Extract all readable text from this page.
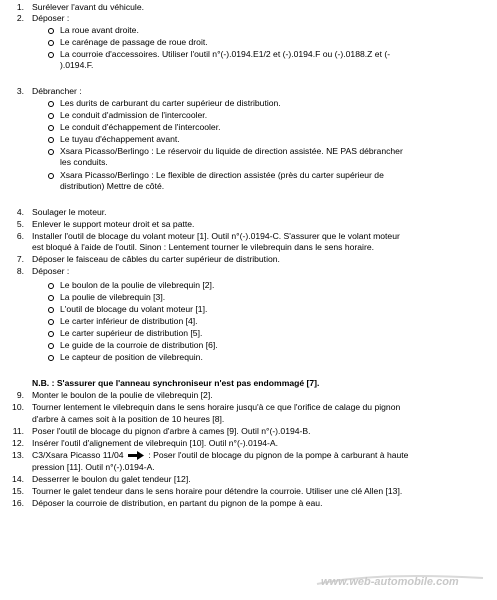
1. Surélever l'avant du véhicule.
2. Déposer :
La roue avant droite.
Le carénage de passage de roue droit.
La courroie d'accessoires. Utiliser l'outil n°(-).0194.E1/2 et (-).0194.F ou (-).0188.Z et (-
).0194.F.
3. Débrancher :
Les durits de carburant du carter supérieur de distribution.
Le conduit d'admission de l'intercooler.
Le conduit d'échappement de l'intercooler.
Le tuyau d'échappement avant.
Xsara Picasso/Berlingo : Le réservoir du liquide de direction assistée. NE PAS débrancher
les conduits.
Xsara Picasso/Berlingo : Le flexible de direction assistée (près du carter supérieur de
distribution) Mettre de côté.
4. Soulager le moteur.
5. Enlever le support moteur droit et sa patte.
6. Installer l'outil de blocage du volant moteur [1]. Outil n°(-).0194-C. S'assurer que le volant moteur
est bloqué à l'aide de l'outil. Sinon : Lentement tourner le vilebrequin dans le sens horaire.
7. Déposer le faisceau de câbles du carter supérieur de distribution.
8. Déposer :
Le boulon de la poulie de vilebrequin [2].
La poulie de vilebrequin [3].
L'outil de blocage du volant moteur [1].
Le carter inférieur de distribution [4].
Le carter supérieur de distribution [5].
Le guide de la courroie de distribution [6].
Le capteur de position de vilebrequin.
N.B. : S'assurer que l'anneau synchroniseur n'est pas endommagé [7].
9. Monter le boulon de la poulie de vilebrequin [2].
10. Tourner lentement le vilebrequin dans le sens horaire jusqu'à ce que l'orifice de calage du pignon
d'arbre à cames soit à la position de 10 heures [8].
11. Poser l'outil de blocage du pignon d'arbre à cames [9]. Outil n°(-).0194-B.
12. Insérer l'outil d'alignement de vilebrequin [10]. Outil n°(-).0194-A.
13. C3/Xsara Picasso 11/04	: Poser l'outil de blocage du pignon de la pompe à carburant à haute
pression [11]. Outil n°(-).0194-A.
14. Desserrer le boulon du galet tendeur [12].
15. Tourner le galet tendeur dans le sens horaire pour détendre la courroie. Utiliser une clé Allen [13].
16. Déposer la courroie de distribution, en partant du pignon de la pompe à eau.
www.web-automobile.com
